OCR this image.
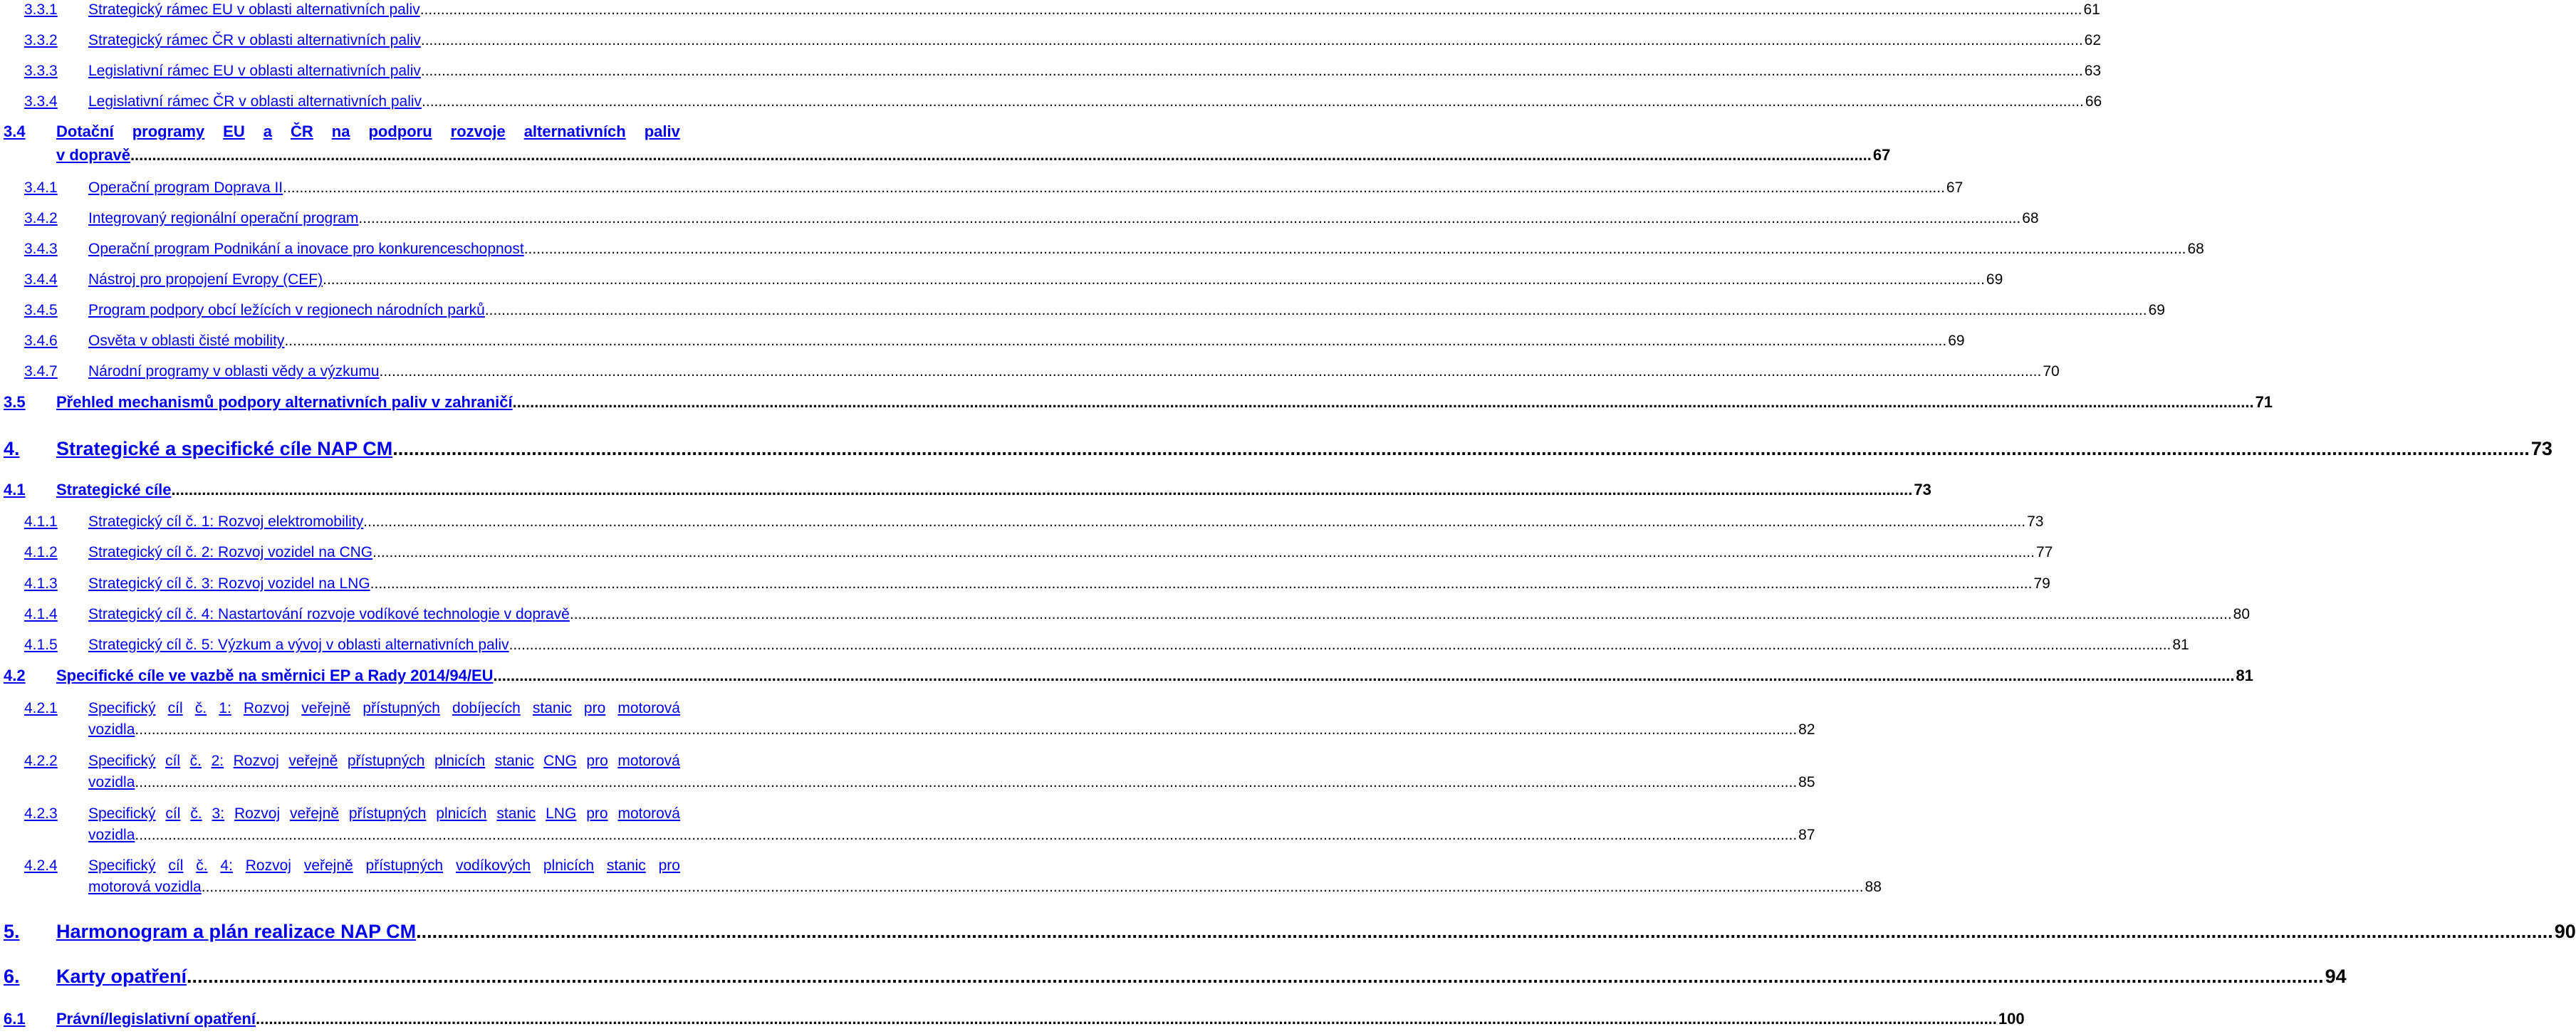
3.3.1 Strategický rámec EU v oblasti alternativních paliv ................................................................................................................................................................................................................................................................................................................................................................................................................ 61
3.3.2 Strategický rámec ČR v oblasti alternativních paliv ................................................................................................................................................................................................................................................................................................................................................................................................................ 62
3.3.3 Legislativní rámec EU v oblasti alternativních paliv ................................................................................................................................................................................................................................................................................................................................................................................................................ 63
3.3.4 Legislativní rámec ČR v oblasti alternativních paliv ................................................................................................................................................................................................................................................................................................................................................................................................................ 66
3.4 Dotační programy EU a ČR na podporu rozvoje alternativních paliv
v dopravě ................................................................................................................................................................................................................................................................................................................................................................................................................ 67
3.4.1 Operační program Doprava II ................................................................................................................................................................................................................................................................................................................................................................................................................ 67
3.4.2 Integrovaný regionální operační program ................................................................................................................................................................................................................................................................................................................................................................................................................ 68
3.4.3 Operační program Podnikání a inovace pro konkurenceschopnost ................................................................................................................................................................................................................................................................................................................................................................................................................ 68
3.4.4 Nástroj pro propojení Evropy (CEF) ................................................................................................................................................................................................................................................................................................................................................................................................................ 69
3.4.5 Program podpory obcí ležících v regionech národních parků ................................................................................................................................................................................................................................................................................................................................................................................................................ 69
3.4.6 Osvěta v oblasti čisté mobility ................................................................................................................................................................................................................................................................................................................................................................................................................ 69
3.4.7 Národní programy v oblasti vědy a výzkumu ................................................................................................................................................................................................................................................................................................................................................................................................................ 70
3.5 Přehled mechanismů podpory alternativních paliv v zahraničí ................................................................................................................................................................................................................................................................................................................................................................................................................ 71
4. Strategické a specifické cíle NAP CM ................................................................................................................................................................................................................................................................................................................................................................................................................ 73
4.1 Strategické cíle ................................................................................................................................................................................................................................................................................................................................................................................................................ 73
4.1.1 Strategický cíl č. 1: Rozvoj elektromobility ................................................................................................................................................................................................................................................................................................................................................................................................................ 73
4.1.2 Strategický cíl č. 2: Rozvoj vozidel na CNG ................................................................................................................................................................................................................................................................................................................................................................................................................ 77
4.1.3 Strategický cíl č. 3: Rozvoj vozidel na LNG ................................................................................................................................................................................................................................................................................................................................................................................................................ 79
4.1.4 Strategický cíl č. 4: Nastartování rozvoje vodíkové technologie v dopravě ................................................................................................................................................................................................................................................................................................................................................................................................................ 80
4.1.5 Strategický cíl č. 5: Výzkum a vývoj v oblasti alternativních paliv ................................................................................................................................................................................................................................................................................................................................................................................................................ 81
4.2 Specifické cíle ve vazbě na směrnici EP a Rady 2014/94/EU ................................................................................................................................................................................................................................................................................................................................................................................................................ 81
4.2.1 Specifický cíl č. 1: Rozvoj veřejně přístupných dobíjecích stanic pro motorová
vozidla ................................................................................................................................................................................................................................................................................................................................................................................................................ 82
4.2.2 Specifický cíl č. 2: Rozvoj veřejně přístupných plnicích stanic CNG pro motorová
vozidla ................................................................................................................................................................................................................................................................................................................................................................................................................ 85
4.2.3 Specifický cíl č. 3: Rozvoj veřejně přístupných plnicích stanic LNG pro motorová
vozidla ................................................................................................................................................................................................................................................................................................................................................................................................................ 87
4.2.4 Specifický cíl č. 4: Rozvoj veřejně přístupných vodíkových plnicích stanic pro
motorová vozidla ................................................................................................................................................................................................................................................................................................................................................................................................................ 88
5. Harmonogram a plán realizace NAP CM ................................................................................................................................................................................................................................................................................................................................................................................................................ 90
6. Karty opatření ................................................................................................................................................................................................................................................................................................................................................................................................................ 94
6.1 Právní/legislativní opatření ................................................................................................................................................................................................................................................................................................................................................................................................................ 100
